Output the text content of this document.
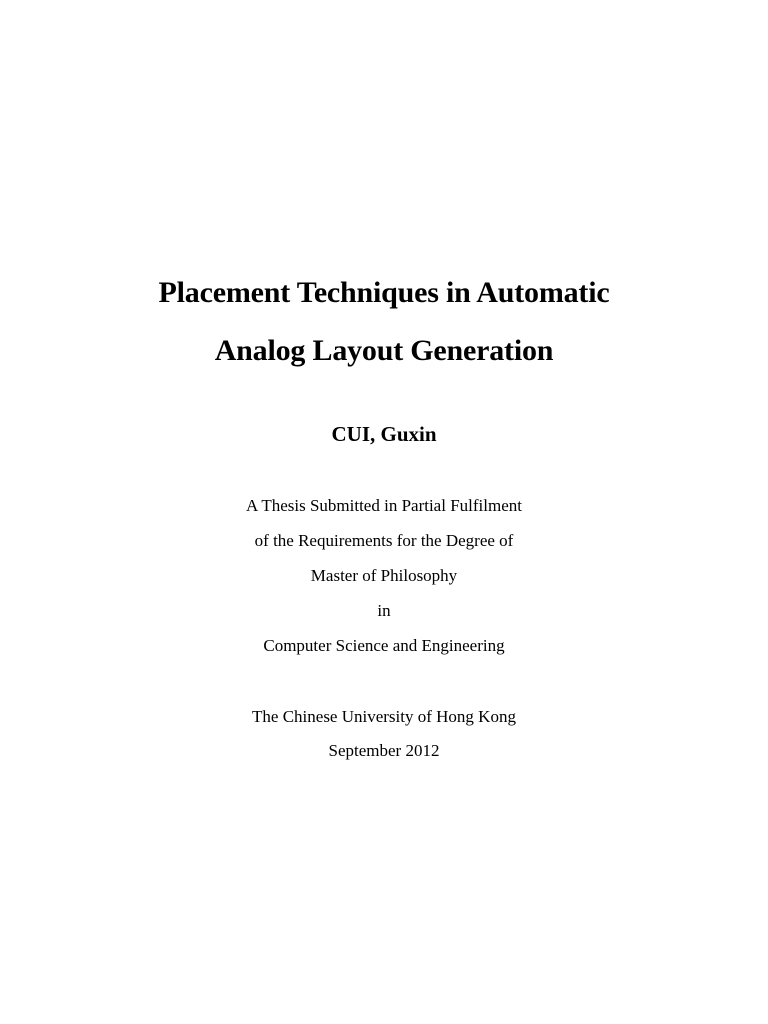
Placement Techniques in Automatic
Analog Layout Generation
CUI, Guxin
A Thesis Submitted in Partial Fulfilment
of the Requirements for the Degree of
Master of Philosophy
in
Computer Science and Engineering
The Chinese University of Hong Kong
September 2012
